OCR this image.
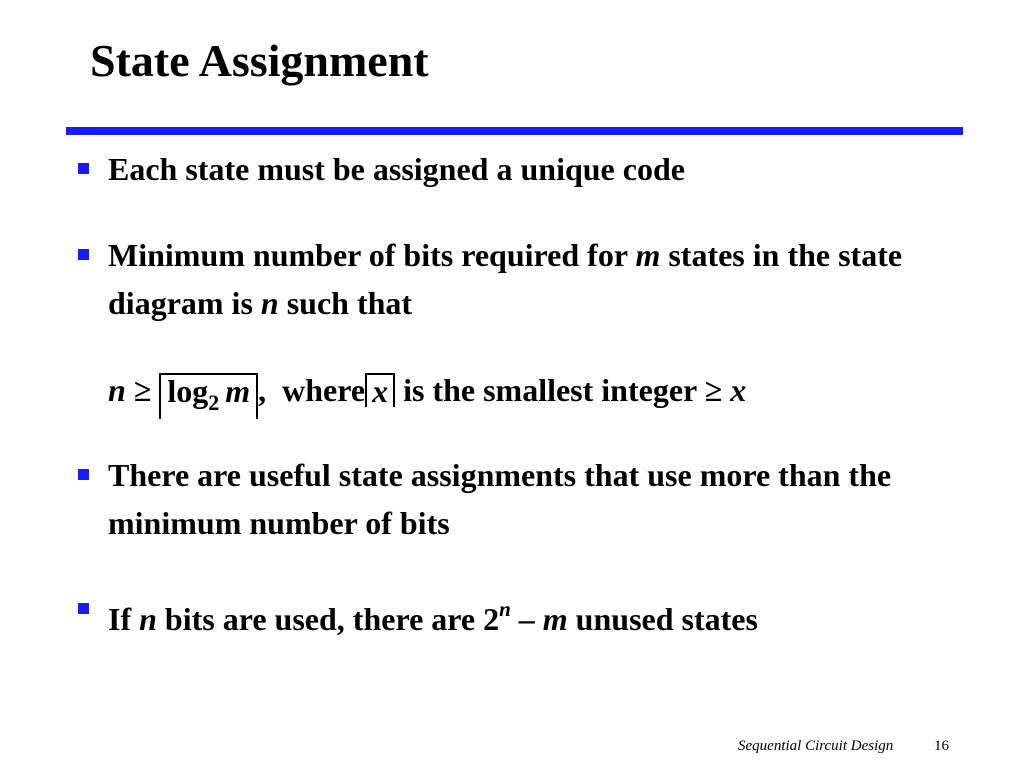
State Assignment
Each state must be assigned a unique code
Minimum number of bits required for m states in the state diagram is n such that
$n \ge \log_2 m$ , where x is the smallest integer ≥ x
There are useful state assignments that use more than the minimum number of bits
If n bits are used, there are 2$^n$ – m unused states
Sequential Circuit Design	16
